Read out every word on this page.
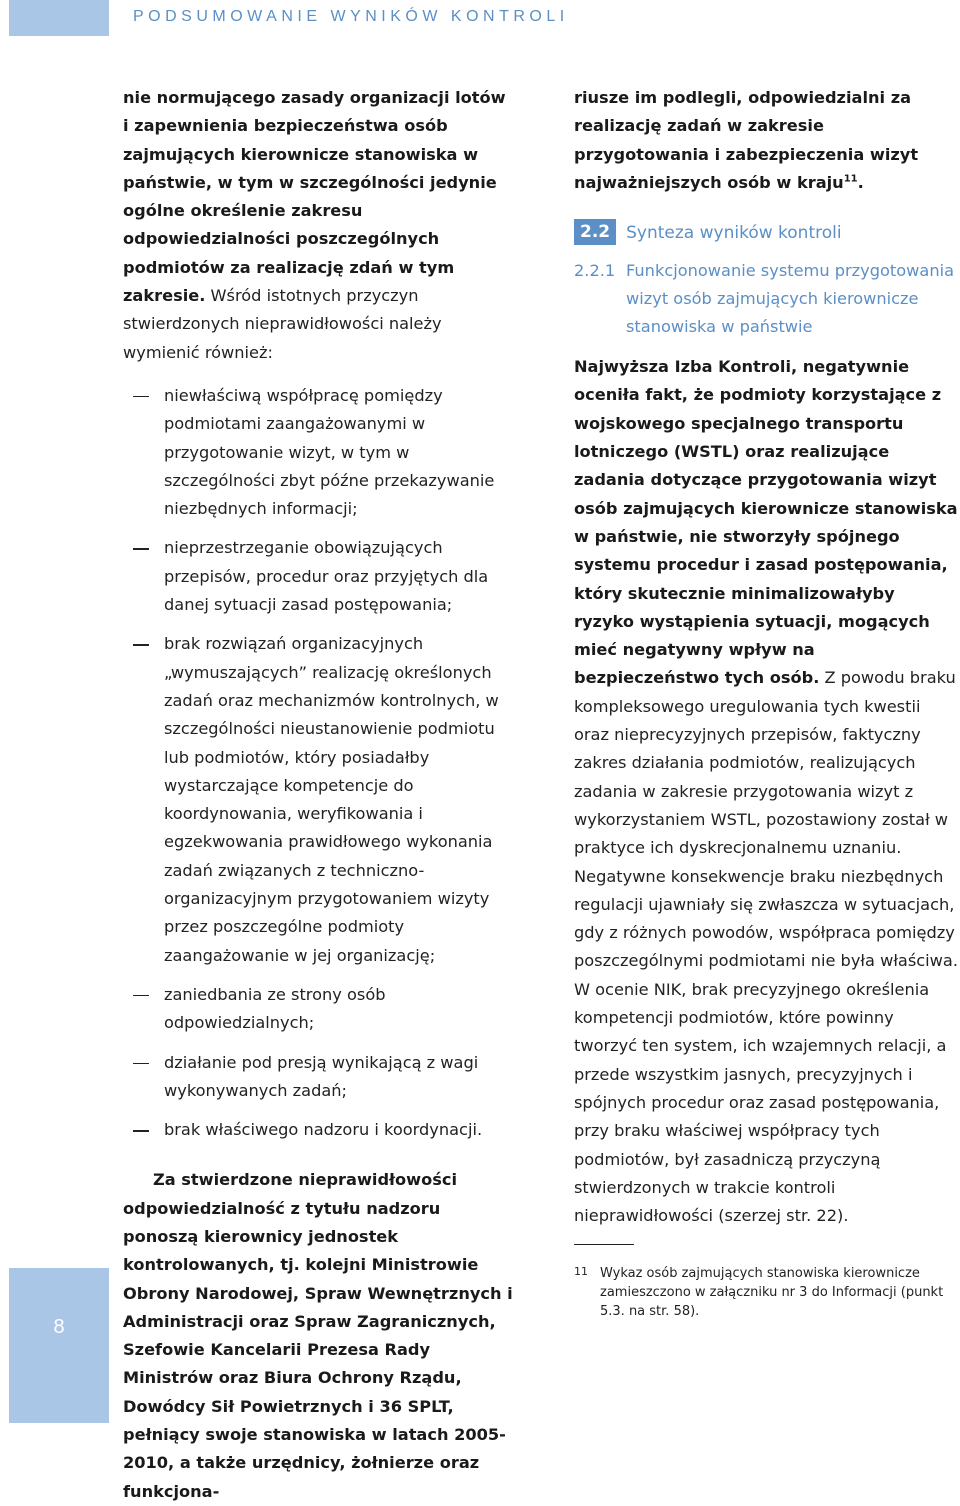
PODSUMOWANIE WYNIKÓW KONTROLI
8

nie normującego zasady organizacji lotów i zapewnienia bezpieczeństwa osób zajmujących kierownicze stanowiska w państwie, w tym w szczególności jedynie ogólne określenie zakresu odpowiedzialności poszczególnych podmiotów za realizację zdań w tym zakresie. Wśród istotnych przyczyn stwierdzonych nieprawidłowości należy wymienić również:

niewłaściwą współpracę pomiędzy podmiotami zaangażowanymi w przygotowanie wizyt, w tym w szczególności zbyt późne przekazywanie niezbędnych informacji;
nieprzestrzeganie obowiązujących przepisów, procedur oraz przyjętych dla danej sytuacji zasad postępowania;
brak rozwiązań organizacyjnych „wymuszających” realizację określonych zadań oraz mechanizmów kontrolnych, w szczególności nieustanowienie podmiotu lub podmiotów, który posiadałby wystarczające kompetencje do koordynowania, weryfikowania i egzekwowania prawidłowego wykonania zadań związanych z techniczno-organizacyjnym przygotowaniem wizyty przez poszczególne podmioty zaangażowanie w jej organizację;
zaniedbania ze strony osób odpowiedzialnych;
działanie pod presją wynikającą z wagi wykonywanych zadań;
brak właściwego nadzoru i koordynacji.

Za stwierdzone nieprawidłowości odpowiedzialność z tytułu nadzoru ponoszą kierownicy jednostek kontrolowanych, tj. kolejni Ministrowie Obrony Narodowej, Spraw Wewnętrznych i Administracji oraz Spraw Zagranicznych, Szefowie Kancelarii Prezesa Rady Ministrów oraz Biura Ochrony Rządu, Dowódcy Sił Powietrznych i 36 SPLT, pełniący swoje stanowiska w latach 2005-2010, a także urzędnicy, żołnierze oraz funkcjona-

riusze im podlegli, odpowiedzialni za realizację zadań w zakresie przygotowania i zabezpieczenia wizyt najważniejszych osób w kraju$^{11}$.

2.2 Synteza wyników kontroli
2.2.1 Funkcjonowanie systemu przygotowania wizyt osób zajmujących kierownicze stanowiska w państwie

Najwyższa Izba Kontroli, negatywnie oceniła fakt, że podmioty korzystające z wojskowego specjalnego transportu lotniczego (WSTL) oraz realizujące zadania dotyczące przygotowania wizyt osób zajmujących kierownicze stanowiska w państwie, nie stworzyły spójnego systemu procedur i zasad postępowania, który skutecznie minimalizowałyby ryzyko wystąpienia sytuacji, mogących mieć negatywny wpływ na bezpieczeństwo tych osób. Z powodu braku kompleksowego uregulowania tych kwestii oraz nieprecyzyjnych przepisów, faktyczny zakres działania podmiotów, realizujących zadania w zakresie przygotowania wizyt z wykorzystaniem WSTL, pozostawiony został w praktyce ich dyskrecjonalnemu uznaniu. Negatywne konsekwencje braku niezbędnych regulacji ujawniały się zwłaszcza w sytuacjach, gdy z różnych powodów, współpraca pomiędzy poszczególnymi podmiotami nie była właściwa. W ocenie NIK, brak precyzyjnego określenia kompetencji podmiotów, które powinny tworzyć ten system, ich wzajemnych relacji, a przede wszystkim jasnych, precyzyjnych i spójnych procedur oraz zasad postępowania, przy braku właściwej współpracy tych podmiotów, był zasadniczą przyczyną stwierdzonych w trakcie kontroli nieprawidłowości (szerzej str. 22).

11 Wykaz osób zajmujących stanowiska kierownicze zamieszczono w załączniku nr 3 do Informacji (punkt 5.3. na str. 58).
